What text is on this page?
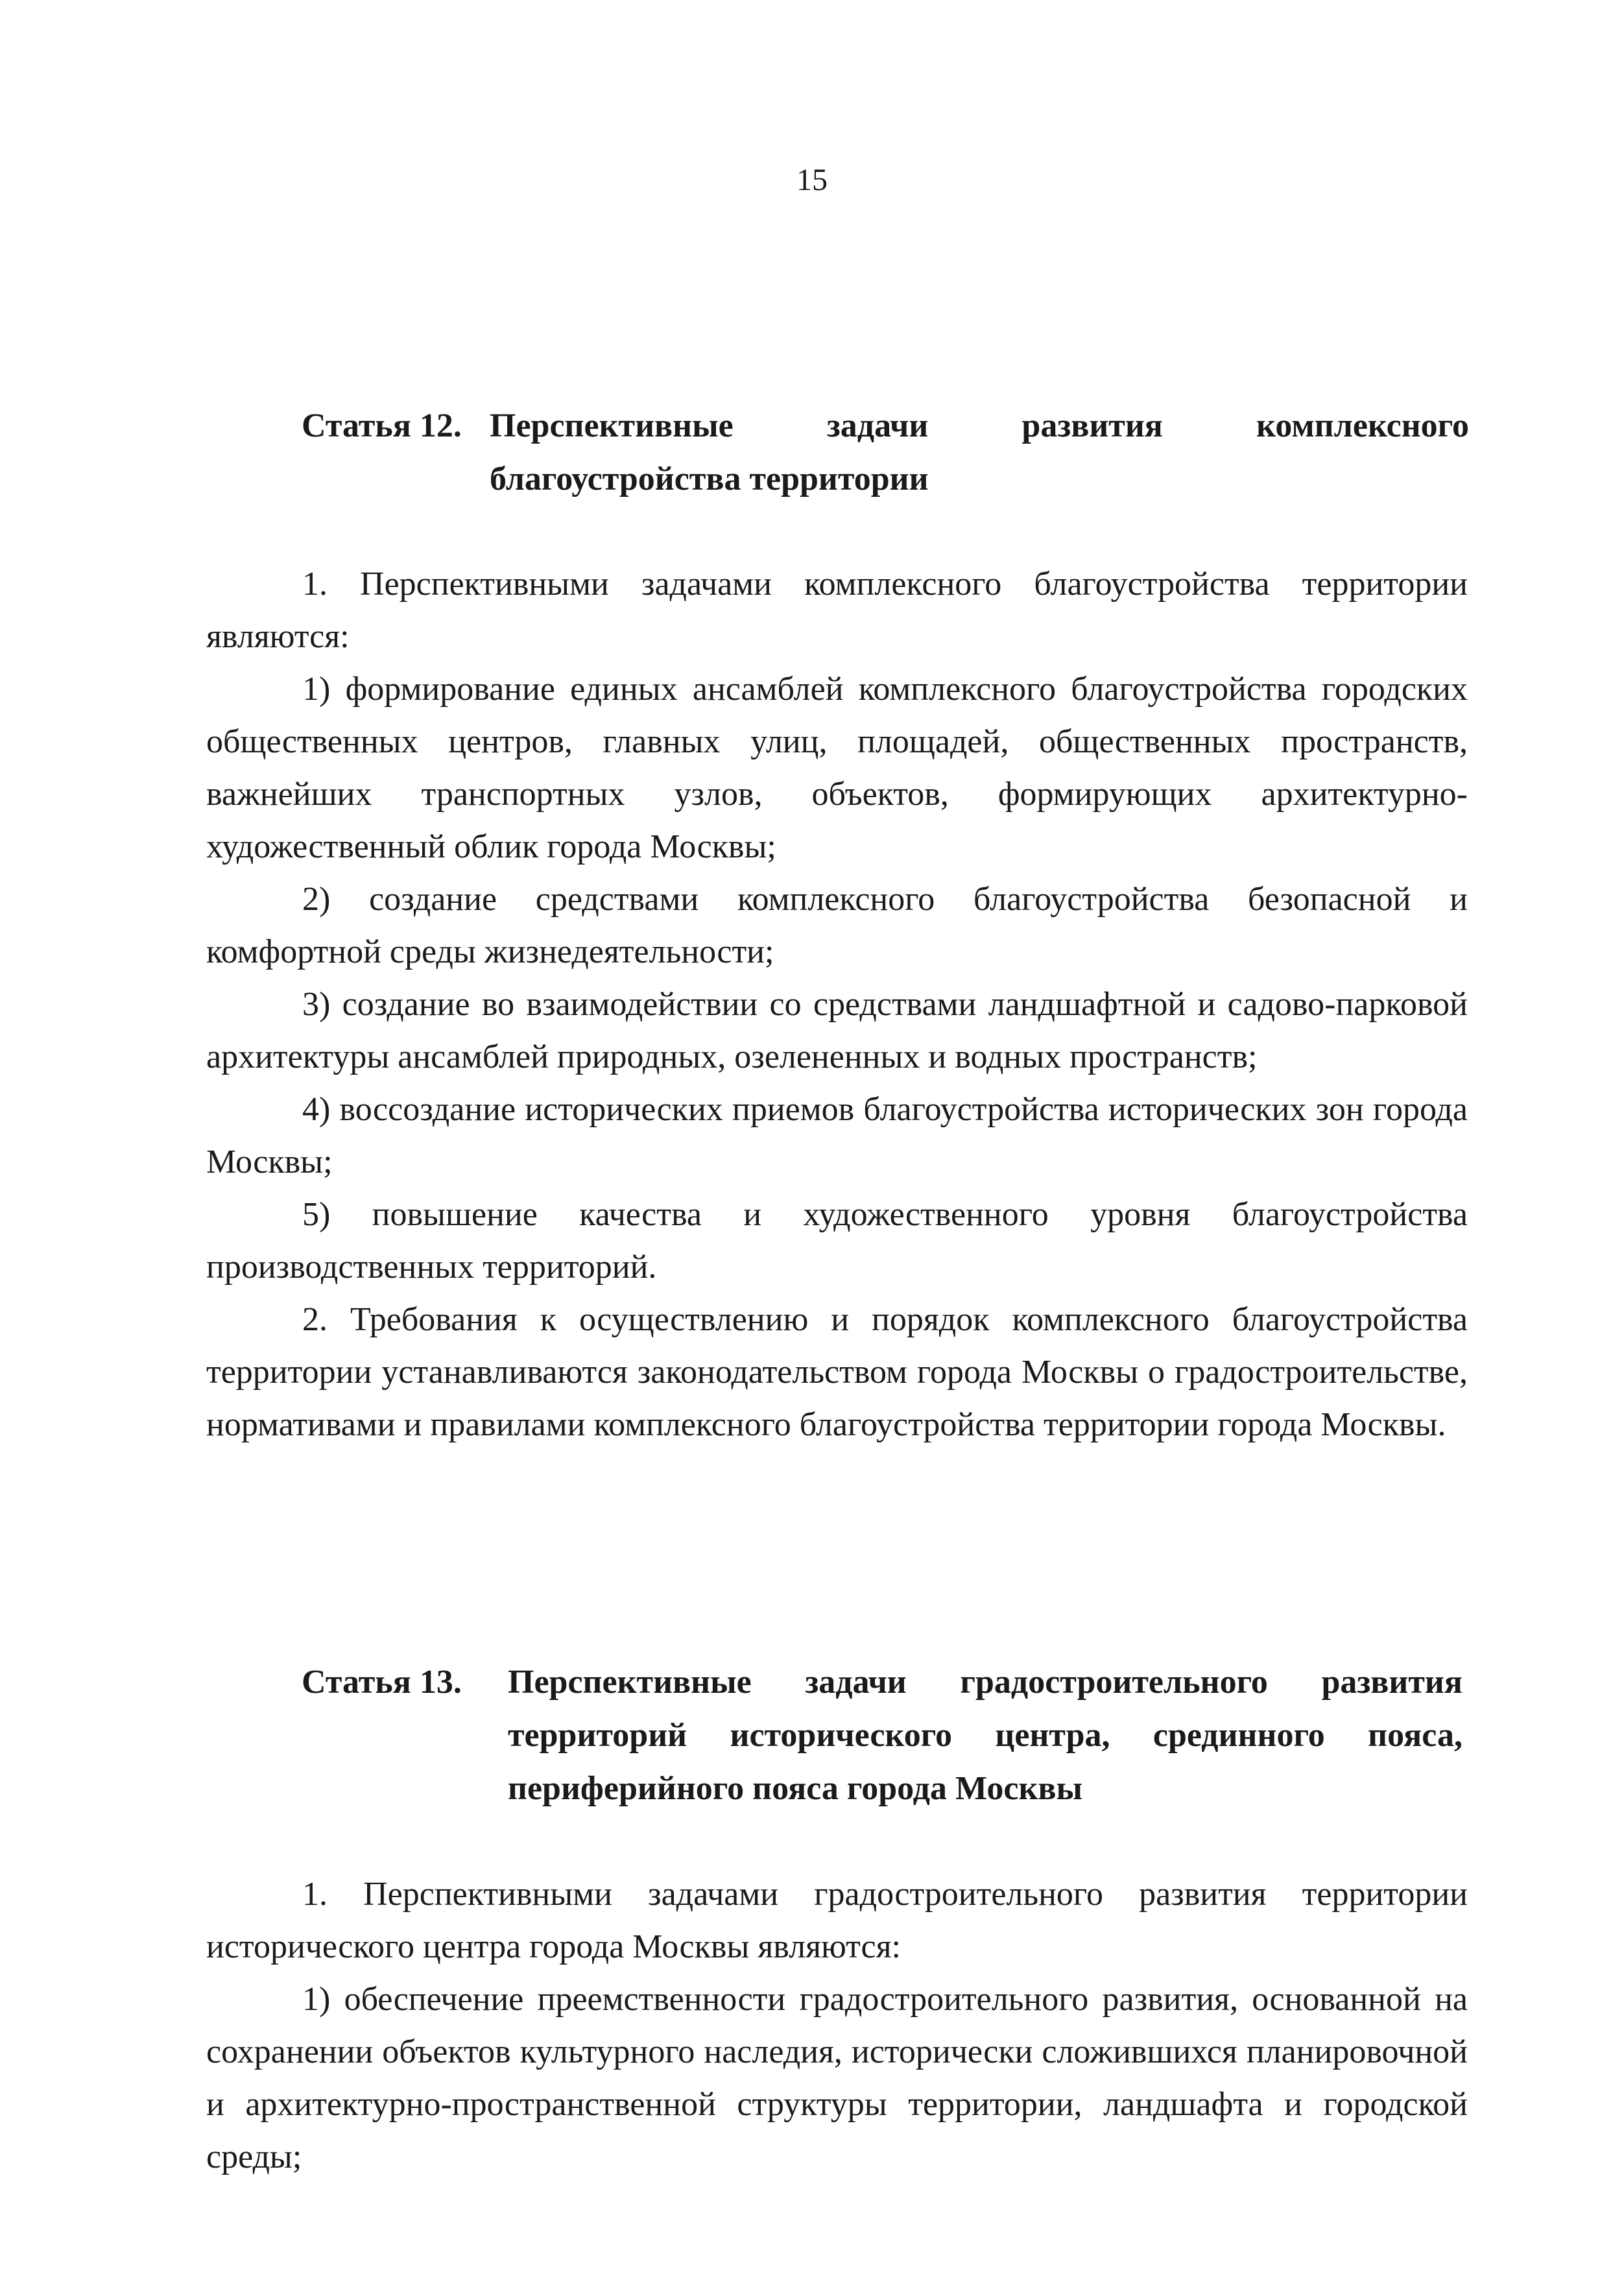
15
Статья 12. Перспективные задачи развития комплексного благоустройства территории

1. Перспективными задачами комплексного благоустройства территории являются:

1) формирование единых ансамблей комплексного благоустройства городских общественных центров, главных улиц, площадей, общественных пространств, важнейших транспортных узлов, объектов, формирующих архитектурно-художественный облик города Москвы;

2) создание средствами комплексного благоустройства безопасной и комфортной среды жизнедеятельности;

3) создание во взаимодействии со средствами ландшафтной и садово-парковой архитектуры ансамблей природных, озелененных и водных пространств;

4) воссоздание исторических приемов благоустройства исторических зон города Москвы;

5) повышение качества и художественного уровня благоустройства производственных территорий.

2. Требования к осуществлению и порядок комплексного благоустройства территории устанавливаются законодательством города Москвы о градостроительстве, нормативами и правилами комплексного благоустройства территории города Москвы.

Статья 13.	Перспективные задачи градостроительного развития территорий исторического центра, срединного пояса, периферийного пояса города Москвы

1. Перспективными задачами градостроительного развития территории исторического центра города Москвы являются:

1) обеспечение преемственности градостроительного развития, основанной на сохранении объектов культурного наследия, исторически сложившихся планировочной и архитектурно-пространственной структуры территории, ландшафта и городской среды;
